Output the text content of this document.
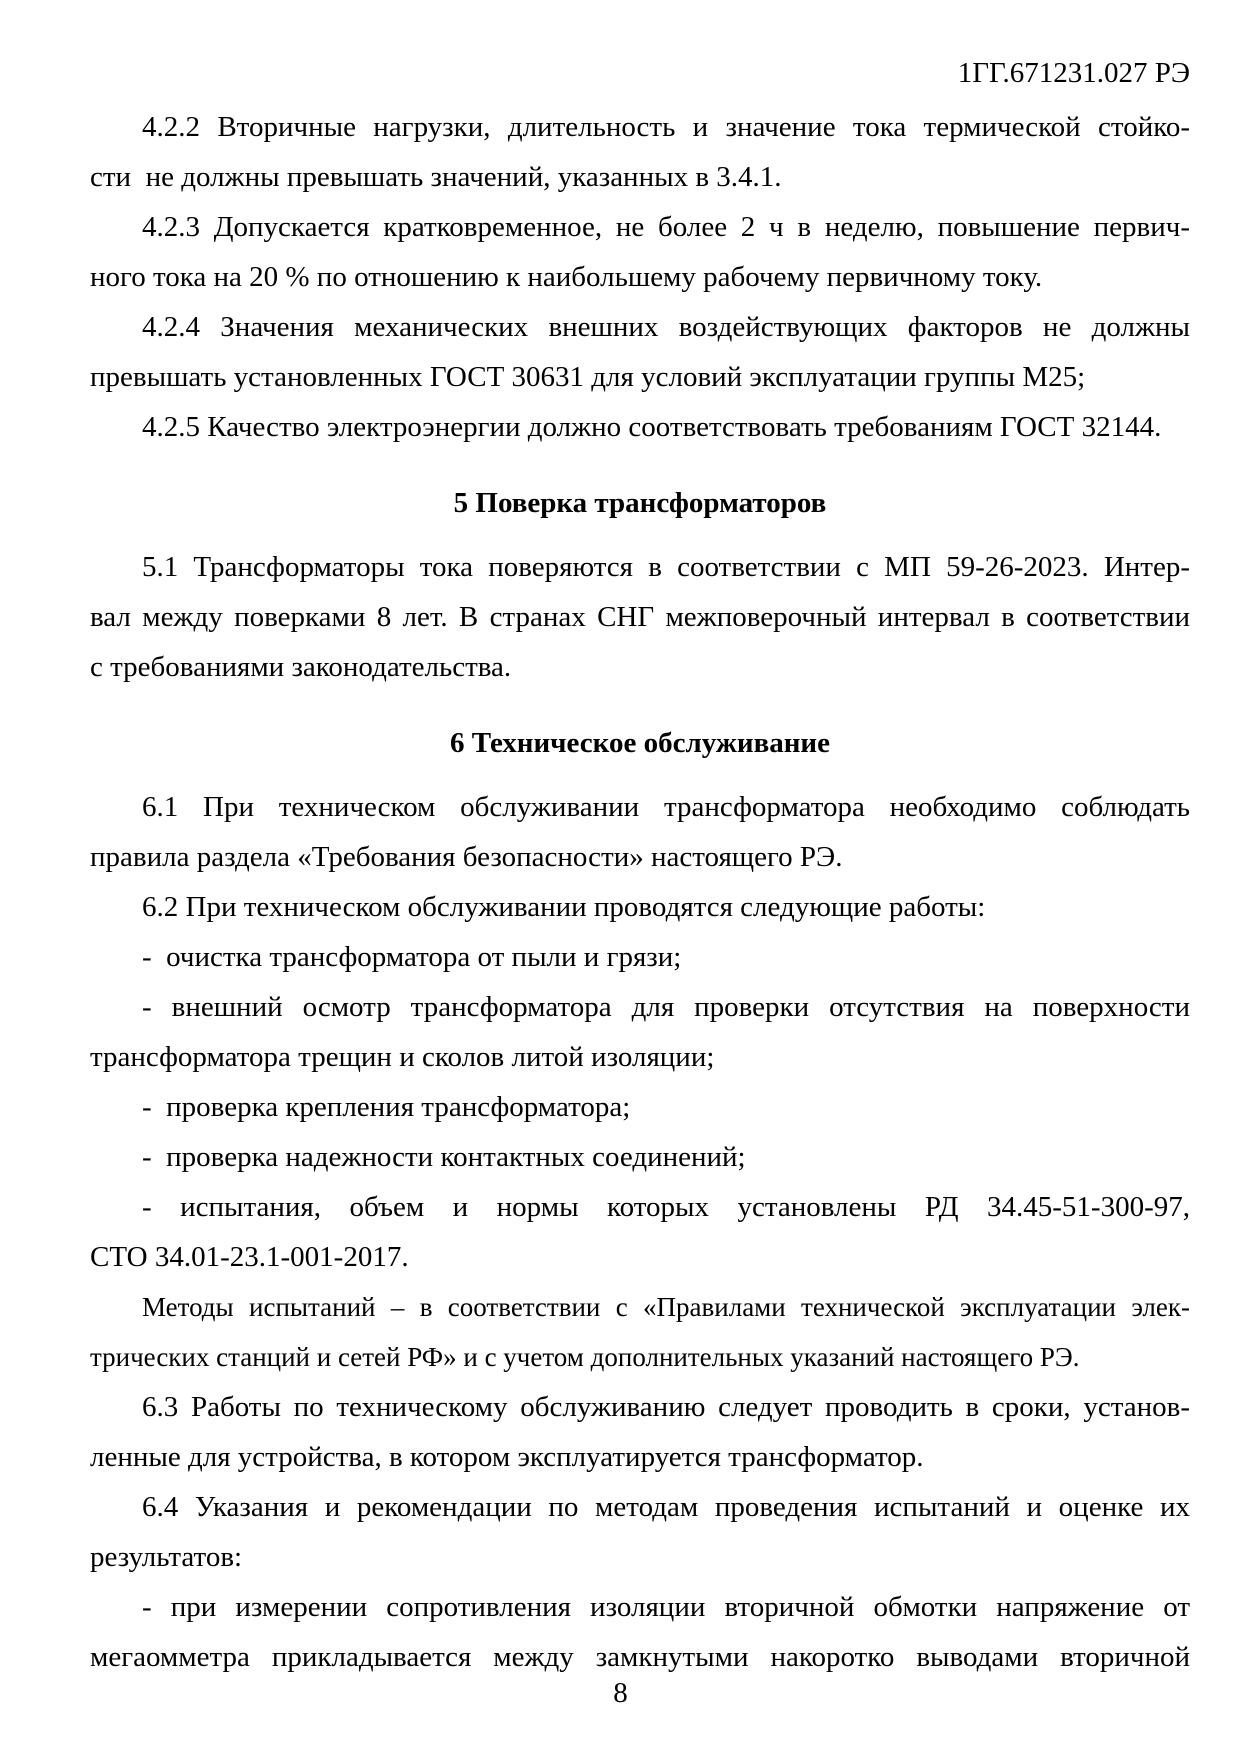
1ГГ.671231.027 РЭ
4.2.2 Вторичные нагрузки, длительность и значение тока термической стойко-
сти  не должны превышать значений, указанных в 3.4.1.
4.2.3 Допускается кратковременное, не более 2 ч в неделю, повышение первич-
ного тока на 20 % по отношению к наибольшему рабочему первичному току.
4.2.4 Значения механических внешних воздействующих факторов не должны
превышать установленных ГОСТ 30631 для условий эксплуатации группы М25;
4.2.5 Качество электроэнергии должно соответствовать требованиям ГОСТ 32144.
5 Поверка трансформаторов
5.1 Трансформаторы тока поверяются в соответствии с МП 59-26-2023. Интер-
вал между поверками 8 лет. В странах СНГ межповерочный интервал в соответствии
с требованиями законодательства.
6 Техническое обслуживание
6.1 При техническом обслуживании трансформатора необходимо соблюдать
правила раздела «Требования безопасности» настоящего РЭ.
6.2 При техническом обслуживании проводятся следующие работы:
-  очистка трансформатора от пыли и грязи;
- внешний осмотр трансформатора для проверки отсутствия на поверхности
трансформатора трещин и сколов литой изоляции;
-  проверка крепления трансформатора;
-  проверка надежности контактных соединений;
- испытания, объем и нормы которых установлены РД 34.45-51-300-97,
СТО 34.01-23.1-001-2017.
Методы испытаний – в соответствии с «Правилами технической эксплуатации элек-
трических станций и сетей РФ» и с учетом дополнительных указаний настоящего РЭ.
6.3 Работы по техническому обслуживанию следует проводить в сроки, установ-
ленные для устройства, в котором эксплуатируется трансформатор.
6.4 Указания и рекомендации по методам проведения испытаний и оценке их
результатов:
- при измерении сопротивления изоляции вторичной обмотки напряжение от
мегаомметра прикладывается между замкнутыми накоротко выводами вторичной
8
